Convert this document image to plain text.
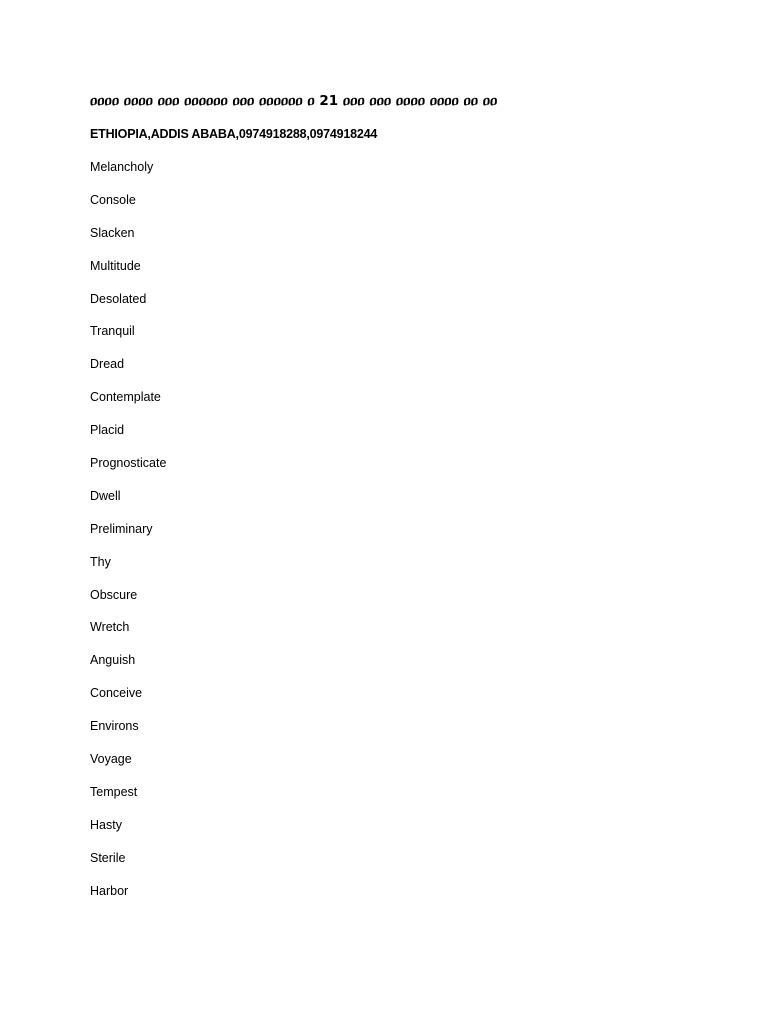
ዐዐዐዐ ዐዐዐዐ ዐዐዐ ዐዐዐዐዐዐ ዐዐዐ ዐዐዐዐዐዐ ዐ 21 ዐዐዐ ዐዐዐ ዐዐዐዐ ዐዐዐዐ ዐዐ ዐዐ
ETHIOPIA,ADDIS ABABA,0974918288,0974918244
Melancholy
Console
Slacken
Multitude
Desolated
Tranquil
Dread
Contemplate
Placid
Prognosticate
Dwell
Preliminary
Thy
Obscure
Wretch
Anguish
Conceive
Environs
Voyage
Tempest
Hasty
Sterile
Harbor
